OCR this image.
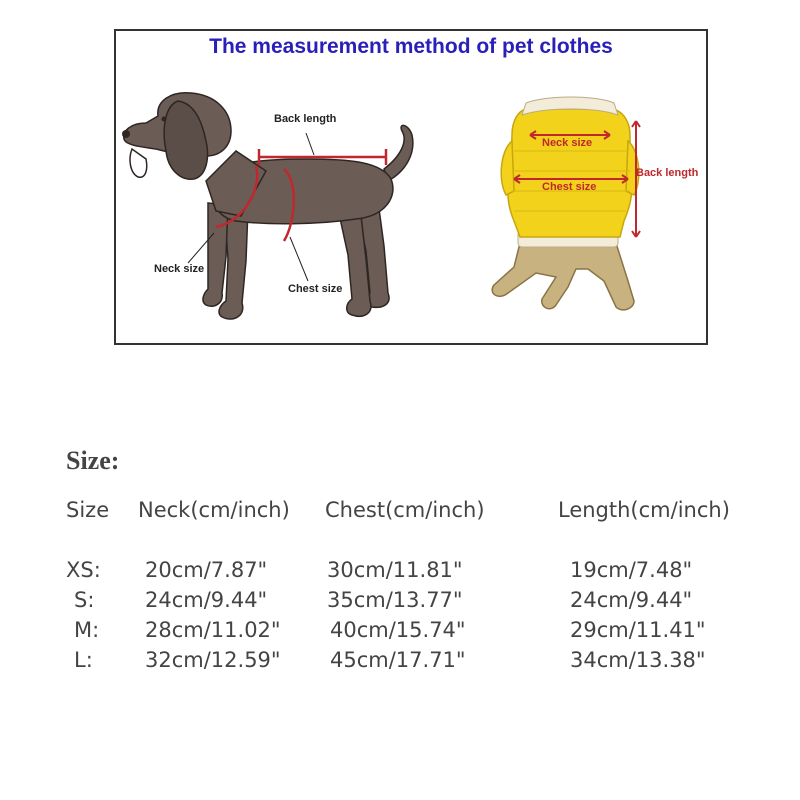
The measurement method of pet clothes
Back length
Neck size
Chest size
Neck size
Chest size
Back length
Size:
Size Neck(cm/inch) Chest(cm/inch)	Length(cm/inch)
XS: 20cm/7.87"	30cm/11.81"	19cm/7.48"
S: 24cm/9.44"	35cm/13.77"	24cm/9.44"
M: 28cm/11.02" 40cm/15.74"	29cm/11.41"
L: 32cm/12.59" 45cm/17.71"	34cm/13.38"
